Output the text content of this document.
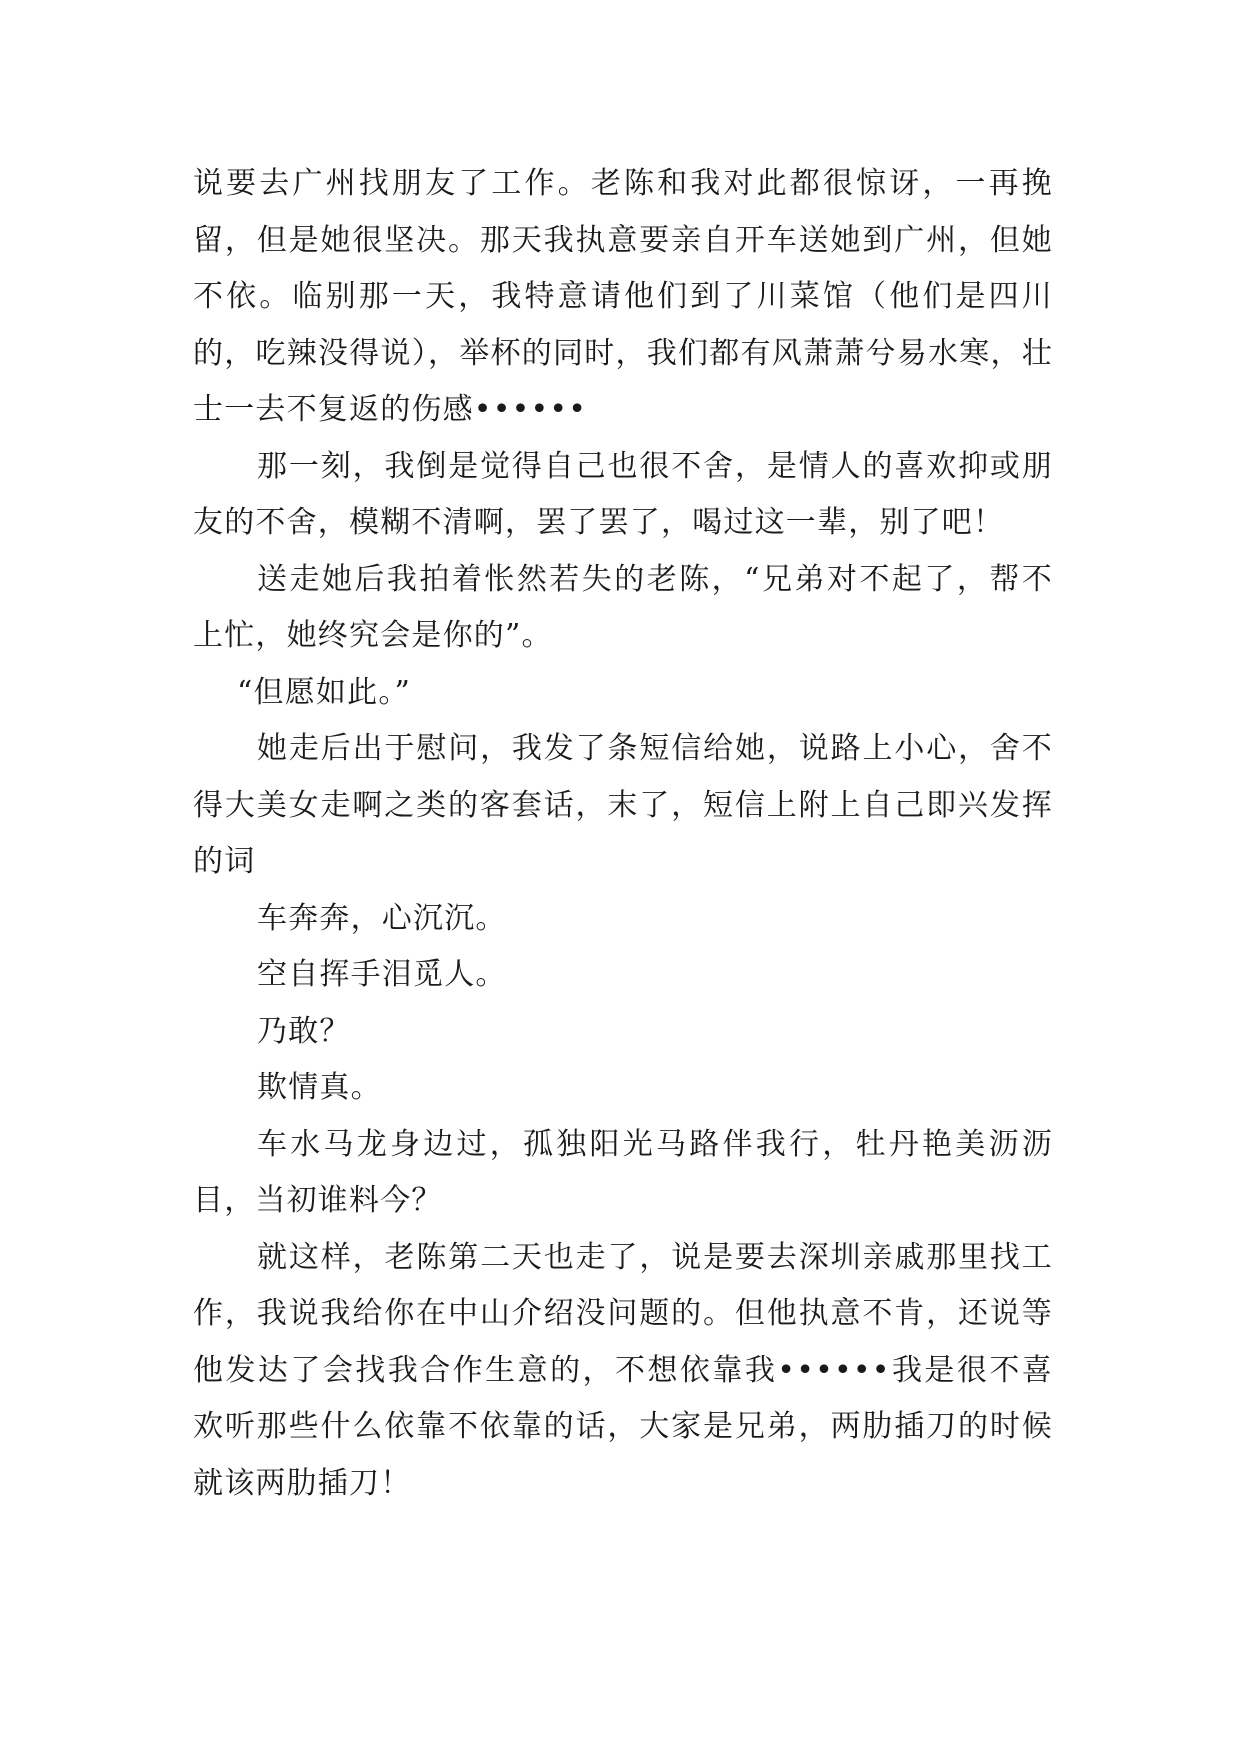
说要去广州找朋友了工作。老陈和我对此都很惊讶，一再挽留，但是她很坚决。那天我执意要亲自开车送她到广州，但她不依。临别那一天，我特意请他们到了川菜馆（他们是四川的，吃辣没得说），举杯的同时，我们都有风萧萧兮易水寒，壮士一去不复返的伤感••••••

那一刻，我倒是觉得自己也很不舍，是情人的喜欢抑或朋友的不舍，模糊不清啊，罢了罢了，喝过这一辈，别了吧！

送走她后我拍着怅然若失的老陈，“兄弟对不起了，帮不上忙，她终究会是你的”。

“但愿如此。”

她走后出于慰问，我发了条短信给她，说路上小心，舍不得大美女走啊之类的客套话，末了，短信上附上自己即兴发挥的词

车奔奔，心沉沉。

空自挥手泪觅人。

乃敢？

欺情真。

车水马龙身边过，孤独阳光马路伴我行，牡丹艳美沥沥目，当初谁料今？

就这样，老陈第二天也走了，说是要去深圳亲戚那里找工作，我说我给你在中山介绍没问题的。但他执意不肯，还说等他发达了会找我合作生意的，不想依靠我••••••我是很不喜欢听那些什么依靠不依靠的话，大家是兄弟，两肋插刀的时候就该两肋插刀！
